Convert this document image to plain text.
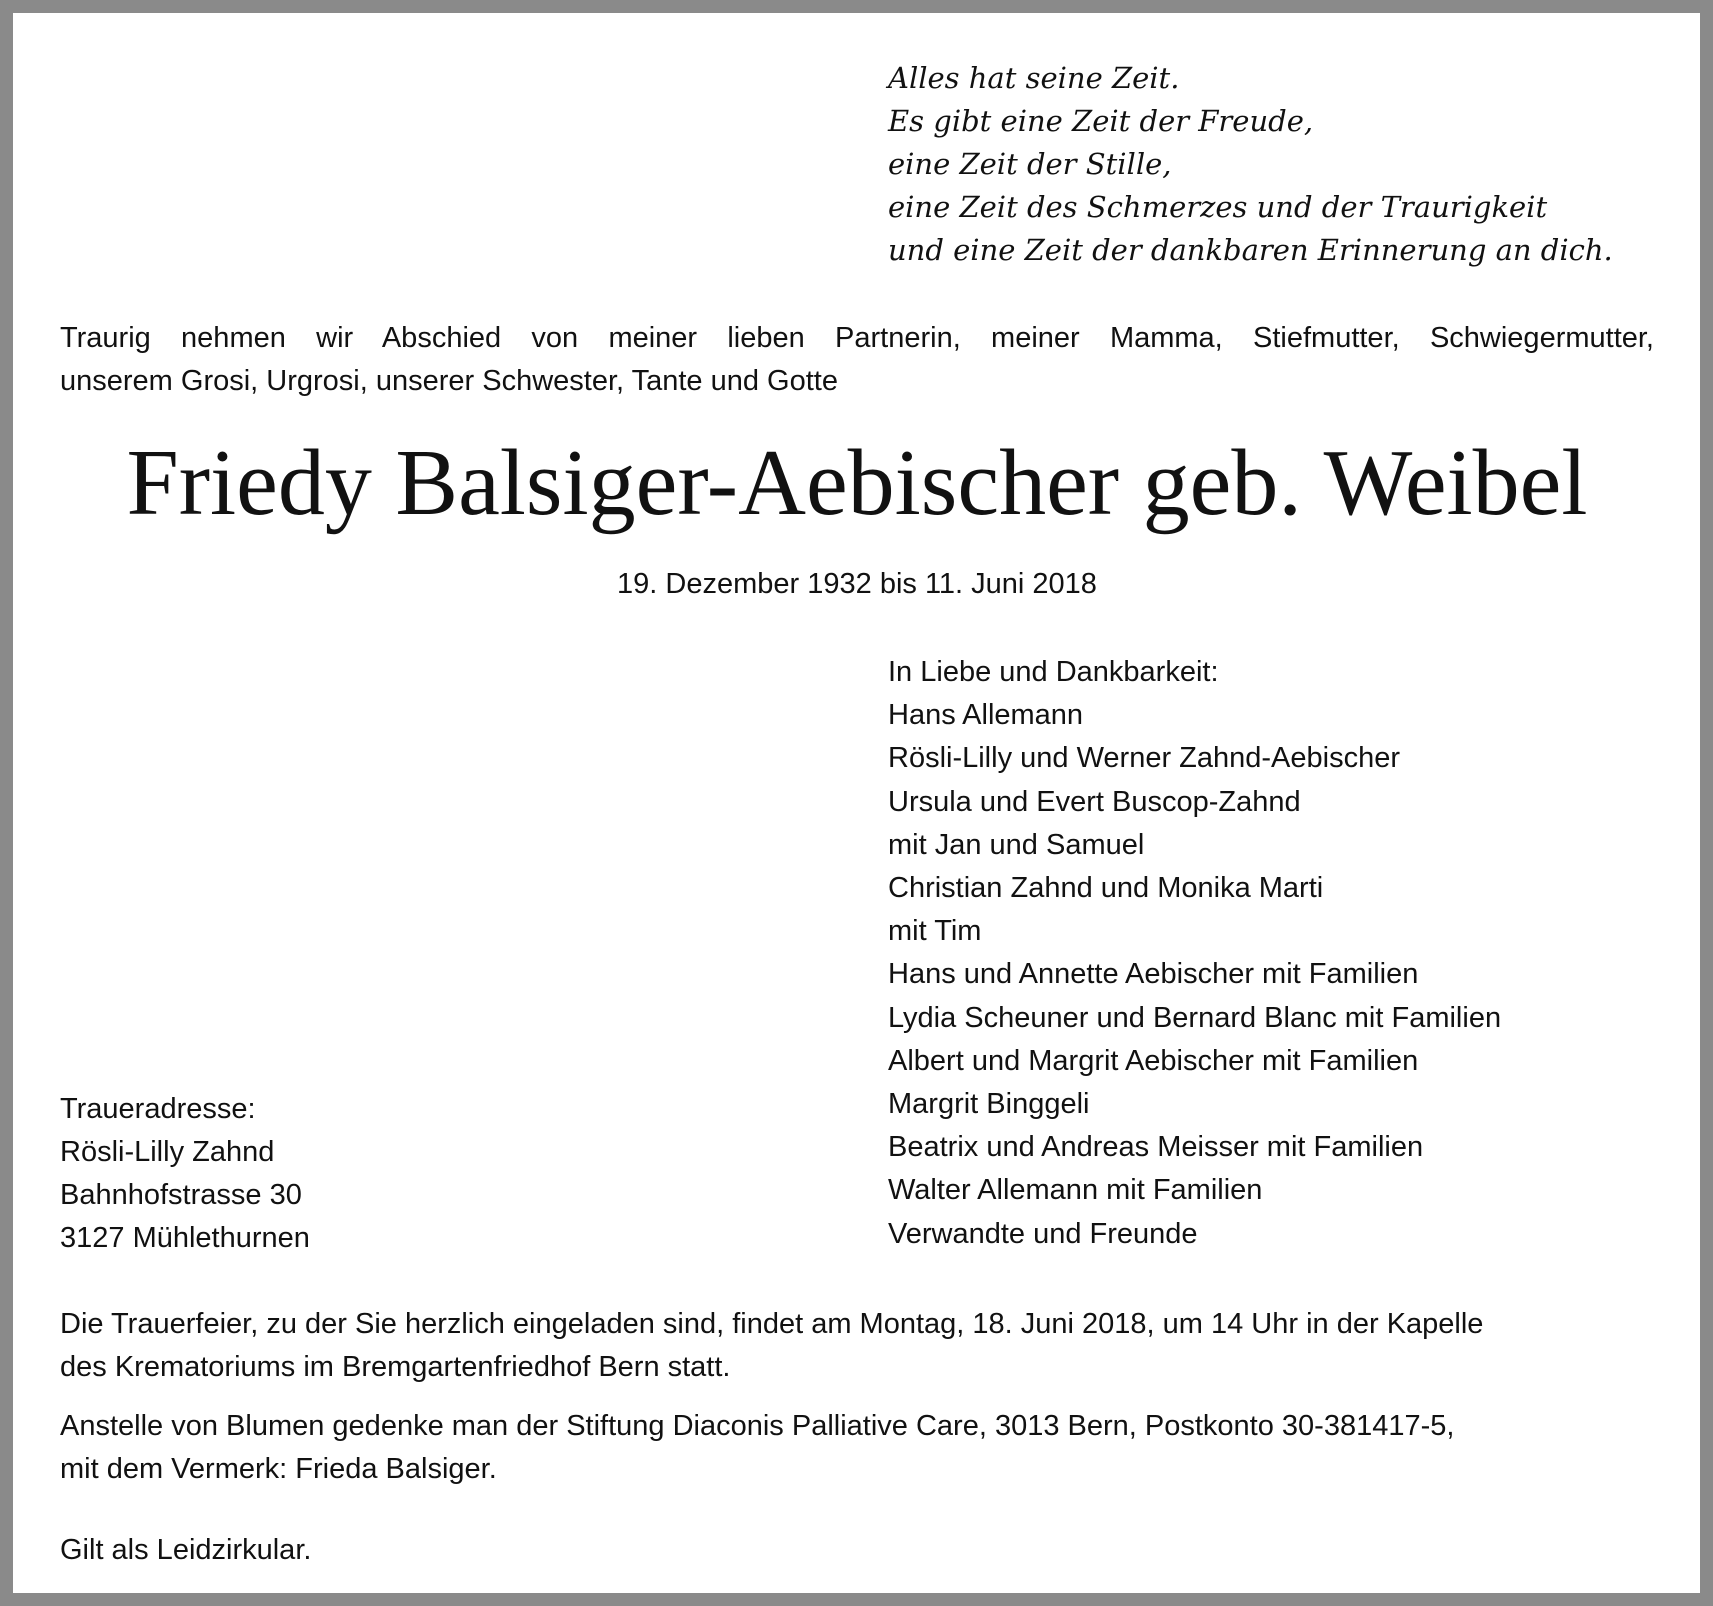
Alles hat seine Zeit.
Es gibt eine Zeit der Freude,
eine Zeit der Stille,
eine Zeit des Schmerzes und der Traurigkeit
und eine Zeit der dankbaren Erinnerung an dich.
Traurig nehmen wir Abschied von meiner lieben Partnerin, meiner Mamma, Stiefmutter, Schwiegermutter,
unserem Grosi, Urgrosi, unserer Schwester, Tante und Gotte
Friedy Balsiger-Aebischer geb. Weibel
19. Dezember 1932 bis 11. Juni 2018
In Liebe und Dankbarkeit:
Hans Allemann
Rösli-Lilly und Werner Zahnd-Aebischer
Ursula und Evert Buscop-Zahnd
mit Jan und Samuel
Christian Zahnd und Monika Marti
mit Tim
Hans und Annette Aebischer mit Familien
Lydia Scheuner und Bernard Blanc mit Familien
Albert und Margrit Aebischer mit Familien
Margrit Binggeli
Beatrix und Andreas Meisser mit Familien
Walter Allemann mit Familien
Verwandte und Freunde
Traueradresse:
Rösli-Lilly Zahnd
Bahnhofstrasse 30
3127 Mühlethurnen
Die Trauerfeier, zu der Sie herzlich eingeladen sind, findet am Montag, 18. Juni 2018, um 14 Uhr in der Kapelle
des Krematoriums im Bremgartenfriedhof Bern statt.
Anstelle von Blumen gedenke man der Stiftung Diaconis Palliative Care, 3013 Bern, Postkonto 30-381417-5,
mit dem Vermerk: Frieda Balsiger.
Gilt als Leidzirkular.
